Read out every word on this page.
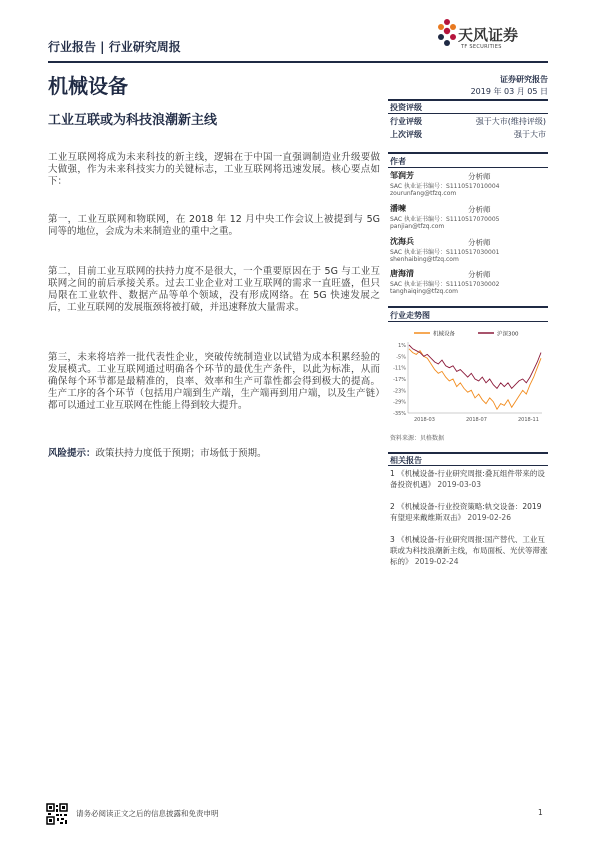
行业报告 | 行业研究周报
天风证券
TF SECURITIES
机械设备	证券研究报告
2019 年 03 月 05 日
工业互联或为科技浪潮新主线
工业互联网将成为未来科技的新主线，逻辑在于中国一直强调制造业升级要做大做强，作为未来科技实力的关键标志，工业互联网将迅速发展。核心要点如下：
第一，工业互联网和物联网，在 2018 年 12 月中央工作会议上被提到与 5G 同等的地位，会成为未来制造业的重中之重。
第二，目前工业互联网的扶持力度不是很大，一个重要原因在于 5G 与工业互联网之间的前后承接关系。过去工业企业对工业互联网的需求一直旺盛，但只局限在工业软件、数据产品等单个领域，没有形成网络。在 5G 快速发展之后，工业互联网的发展瓶颈将被打破，并迅速释放大量需求。
第三，未来将培养一批代表性企业，突破传统制造业以试错为成本积累经验的发展模式。工业互联网通过明确各个环节的最优生产条件，以此为标准，从而确保每个环节都是最精准的，良率、效率和生产可靠性都会得到极大的提高。生产工序的各个环节（包括用户端到生产端，生产端再到用户端，以及生产链）都可以通过工业互联网在性能上得到较大提升。
风险提示：政策扶持力度低于预期；市场低于预期。
投资评级
行业评级	强于大市(维持评级)
上次评级	强于大市
作者
邹润芳	分析师
SAC 执业证书编号：S1110517010004
zourunfang@tfzq.com
潘暕	分析师
SAC 执业证书编号：S1110517070005
panjian@tfzq.com
沈海兵	分析师
SAC 执业证书编号：S1110517030001
shenhaibing@tfzq.com
唐海清	分析师
SAC 执业证书编号：S1110517030002
tanghaiqing@tfzq.com
行业走势图
机械设备	沪深300
1%
-5%
-11%
-17%
-23%
-29%
-35%
2018-03	2018-07	2018-11
资料来源：贝格数据
相关报告
1 《机械设备-行业研究周报:叠瓦组件带来的设备投资机遇》 2019-03-03
2 《机械设备-行业投资策略:轨交设备：2019 有望迎来戴维斯双击》 2019-02-26
3 《机械设备-行业研究周报:国产替代、工业互联或为科技浪潮新主线，布局面板、光伏等滞涨标的》 2019-02-24
请务必阅读正文之后的信息披露和免责申明	1
